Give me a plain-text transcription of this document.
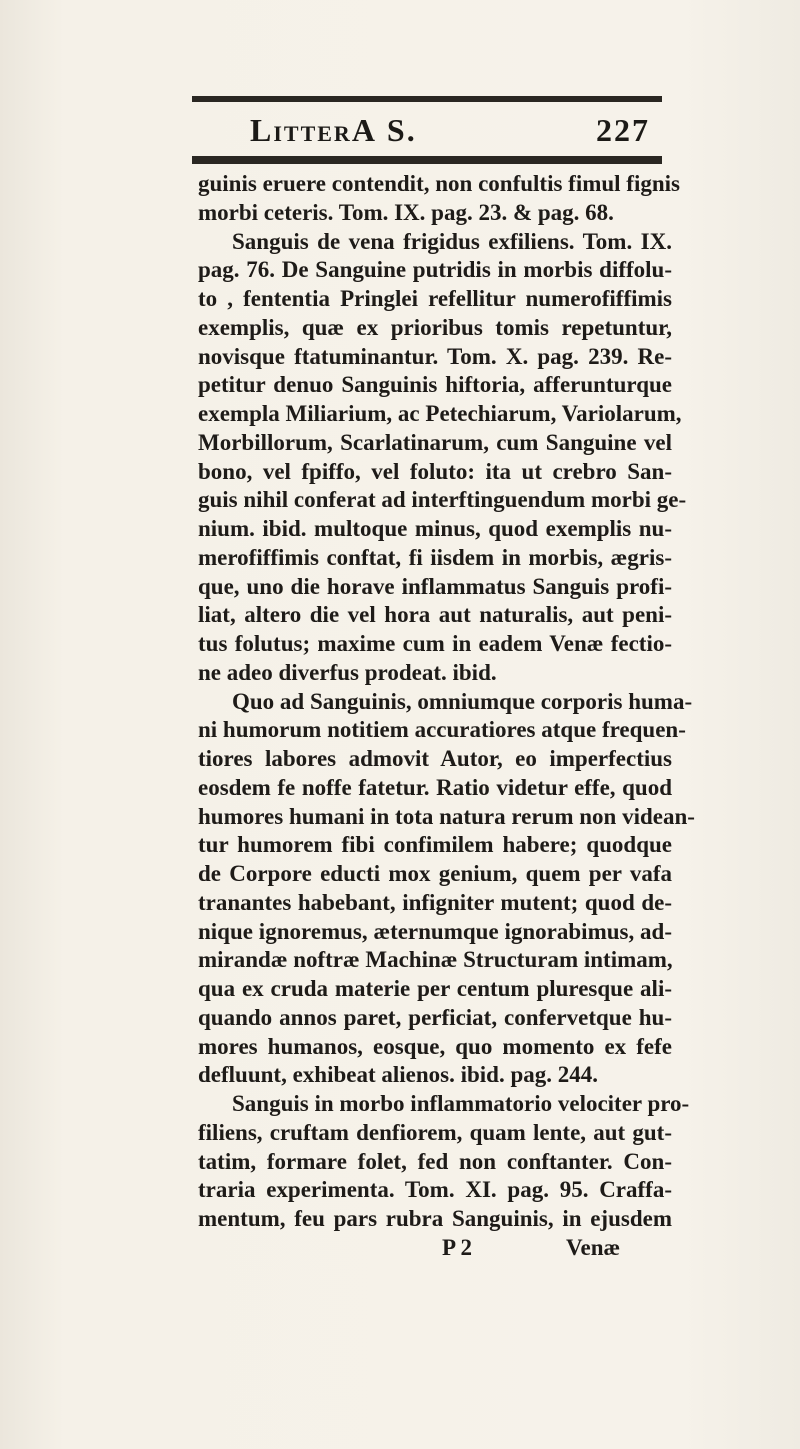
LitterА S.	227
guinis eruere contendit, non confultis fimul fignis
morbi ceteris. Tom. IX. pag. 23. & pag. 68.
Sanguis de vena frigidus exfiliens. Tom. IX.
pag. 76. De Sanguine putridis in morbis diffolu-
to , fententia Pringlei refellitur numerofiffimis
exemplis, quæ ex prioribus tomis repetuntur,
novisque ftatuminantur. Tom. X. pag. 239. Re-
petitur denuo Sanguinis hiftoria, afferunturque
exempla Miliarium, ac Petechiarum, Variolarum,
Morbillorum, Scarlatinarum, cum Sanguine vel
bono, vel fpiffo, vel foluto: ita ut crebro San-
guis nihil conferat ad interftinguendum morbi ge-
nium. ibid. multoque minus, quod exemplis nu-
merofiffimis conftat, fi iisdem in morbis, ægris-
que, uno die horave inflammatus Sanguis profi-
liat, altero die vel hora aut naturalis, aut peni-
tus folutus; maxime cum in eadem Venæ fectio-
ne adeo diverfus prodeat. ibid.
Quo ad Sanguinis, omniumque corporis huma-
ni humorum notitiem accuratiores atque frequen-
tiores labores admovit Autor, eo imperfectius
eosdem fe noffe fatetur. Ratio videtur effe, quod
humores humani in tota natura rerum non videan-
tur humorem fibi confimilem habere; quodque
de Corpore educti mox genium, quem per vafa
tranantes habebant, infigniter mutent; quod de-
nique ignoremus, æternumque ignorabimus, ad-
mirandæ noftræ Machinæ Structuram intimam,
qua ex cruda materie per centum pluresque ali-
quando annos paret, perficiat, confervetque hu-
mores humanos, eosque, quo momento ex fefe
defluunt, exhibeat alienos. ibid. pag. 244.
Sanguis in morbo inflammatorio velociter pro-
filiens, cruftam denfiorem, quam lente, aut gut-
tatim, formare folet, fed non conftanter. Con-
traria experimenta. Tom. XI. pag. 95. Craffa-
mentum, feu pars rubra Sanguinis, in ejusdem
P 2	Venæ
